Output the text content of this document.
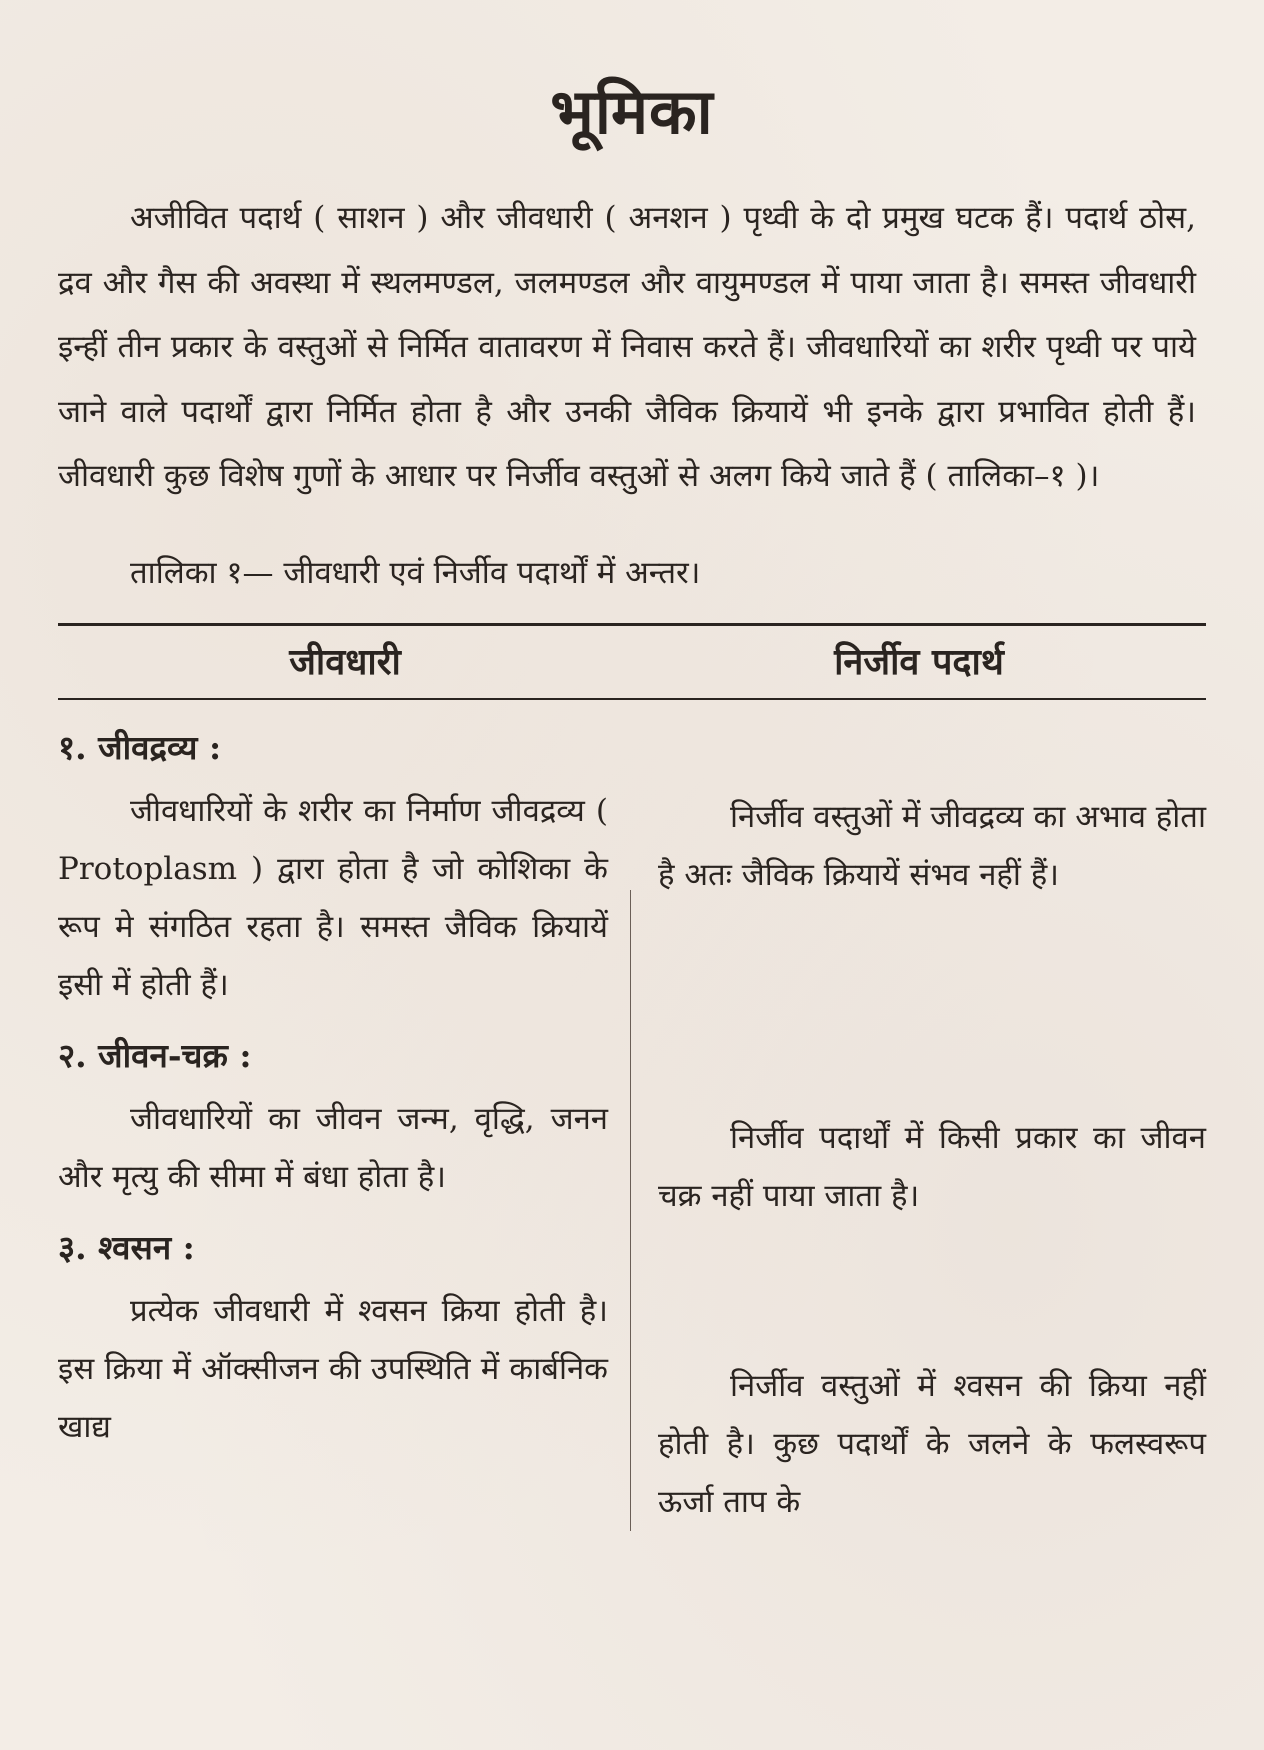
भूमिका

अजीवित पदार्थ ( साशन ) और जीवधारी ( अनशन ) पृथ्वी के दो प्रमुख घटक हैं। पदार्थ ठोस, द्रव और गैस की अवस्था में स्थलमण्डल, जलमण्डल और वायुमण्डल में पाया जाता है। समस्त जीवधारी इन्हीं तीन प्रकार के वस्तुओं से निर्मित वातावरण में निवास करते हैं। जीवधारियों का शरीर पृथ्वी पर पाये जाने वाले पदार्थों द्वारा निर्मित होता है और उनकी जैविक क्रियायें भी इनके द्वारा प्रभावित होती हैं। जीवधारी कुछ विशेष गुणों के आधार पर निर्जीव वस्तुओं से अलग किये जाते हैं ( तालिका–१ )।

तालिका १— जीवधारी एवं निर्जीव पदार्थों में अन्तर।
जीवधारी	निर्जीव पदार्थ
१. जीवद्रव्य :
जीवधारियों के शरीर का निर्माण जीवद्रव्य ( Protoplasm ) द्वारा होता है जो कोशिका के रूप मे संगठित रहता है। समस्त जैविक क्रियायें इसी में होती हैं।
२. जीवन-चक्र :
जीवधारियों का जीवन जन्म, वृद्धि, जनन और मृत्यु की सीमा में बंधा होता है।
३. श्वसन :
प्रत्येक जीवधारी में श्वसन क्रिया होती है। इस क्रिया में ऑक्सीजन की उपस्थिति में कार्बनिक खाद्य
निर्जीव वस्तुओं में जीवद्रव्य का अभाव होता है अतः जैविक क्रियायें संभव नहीं हैं।
निर्जीव पदार्थों में किसी प्रकार का जीवन चक्र नहीं पाया जाता है।
निर्जीव वस्तुओं में श्वसन की क्रिया नहीं होती है। कुछ पदार्थों के जलने के फलस्वरूप ऊर्जा ताप के
